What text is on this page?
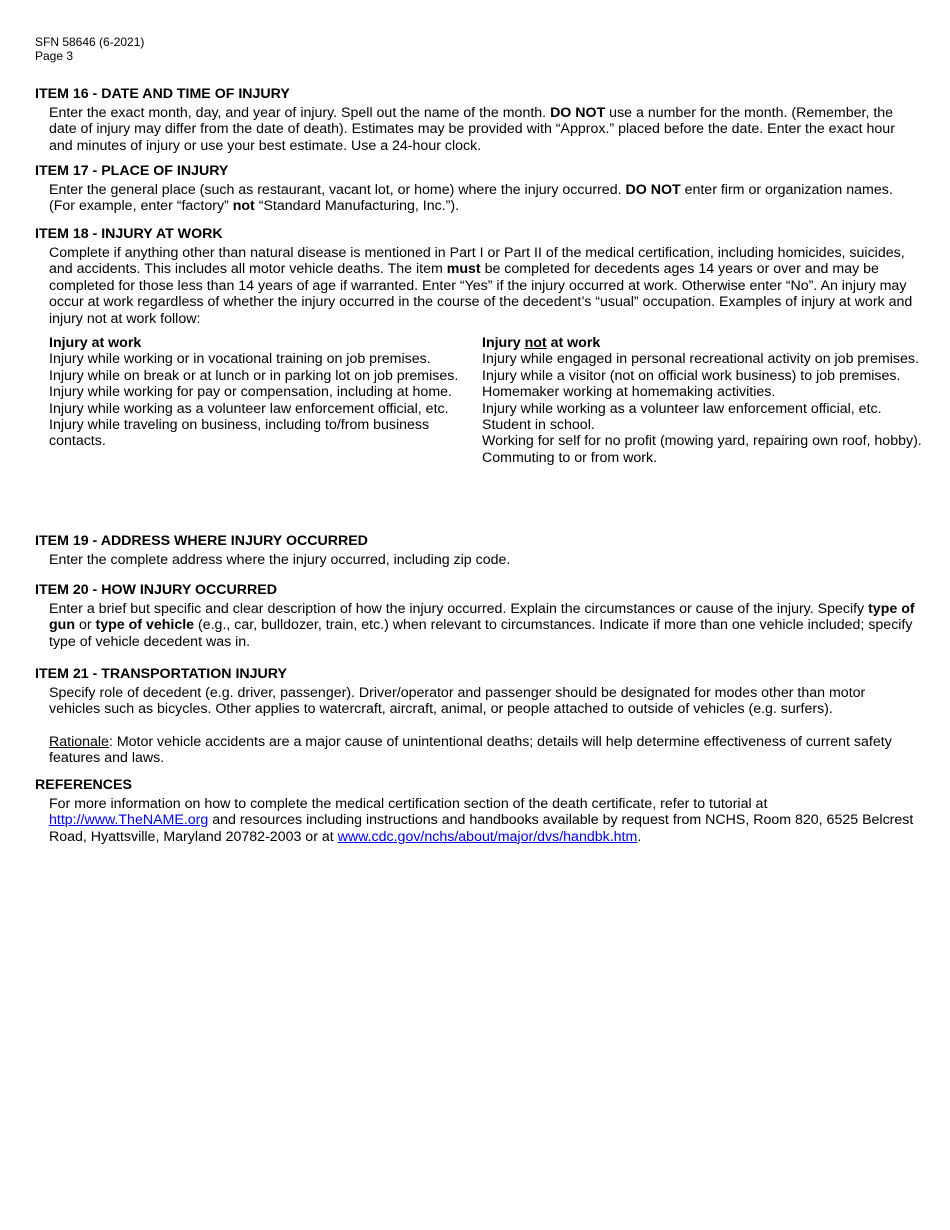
SFN 58646 (6-2021)
Page 3
ITEM 16 - DATE AND TIME OF INJURY

Enter the exact month, day, and year of injury. Spell out the name of the month. DO NOT use a number for the month. (Remember, the date of injury may differ from the date of death). Estimates may be provided with “Approx.” placed before the date. Enter the exact hour and minutes of injury or use your best estimate. Use a 24-hour clock.

ITEM 17 - PLACE OF INJURY

Enter the general place (such as restaurant, vacant lot, or home) where the injury occurred. DO NOT enter firm or organization names. (For example, enter “factory” not “Standard Manufacturing, Inc.”).

ITEM 18 - INJURY AT WORK

Complete if anything other than natural disease is mentioned in Part I or Part II of the medical certification, including homicides, suicides, and accidents. This includes all motor vehicle deaths. The item must be completed for decedents ages 14 years or over and may be completed for those less than 14 years of age if warranted. Enter “Yes” if the injury occurred at work. Otherwise enter “No”. An injury may occur at work regardless of whether the injury occurred in the course of the decedent’s “usual” occupation. Examples of injury at work and injury not at work follow:

Injury at work
Injury while working or in vocational training on job premises.
Injury while on break or at lunch or in parking lot on job premises.
Injury while working for pay or compensation, including at home.
Injury while working as a volunteer law enforcement official, etc.
Injury while traveling on business, including to/from business contacts.
Injury not at work
Injury while engaged in personal recreational activity on job premises.
Injury while a visitor (not on official work business) to job premises.
Homemaker working at homemaking activities.
Injury while working as a volunteer law enforcement official, etc.
Student in school.
Working for self for no profit (mowing yard, repairing own roof, hobby).
Commuting to or from work.
ITEM 19 - ADDRESS WHERE INJURY OCCURRED

Enter the complete address where the injury occurred, including zip code.

ITEM 20 - HOW INJURY OCCURRED

Enter a brief but specific and clear description of how the injury occurred. Explain the circumstances or cause of the injury. Specify type of gun or type of vehicle (e.g., car, bulldozer, train, etc.) when relevant to circumstances. Indicate if more than one vehicle included; specify type of vehicle decedent was in.

ITEM 21 - TRANSPORTATION INJURY

Specify role of decedent (e.g. driver, passenger). Driver/operator and passenger should be designated for modes other than motor vehicles such as bicycles. Other applies to watercraft, aircraft, animal, or people attached to outside of vehicles (e.g. surfers).

Rationale: Motor vehicle accidents are a major cause of unintentional deaths; details will help determine effectiveness of current safety features and laws.

REFERENCES

For more information on how to complete the medical certification section of the death certificate, refer to tutorial at http://www.TheNAME.org and resources including instructions and handbooks available by request from NCHS, Room 820, 6525 Belcrest Road, Hyattsville, Maryland 20782-2003 or at www.cdc.gov/nchs/about/major/dvs/handbk.htm.
